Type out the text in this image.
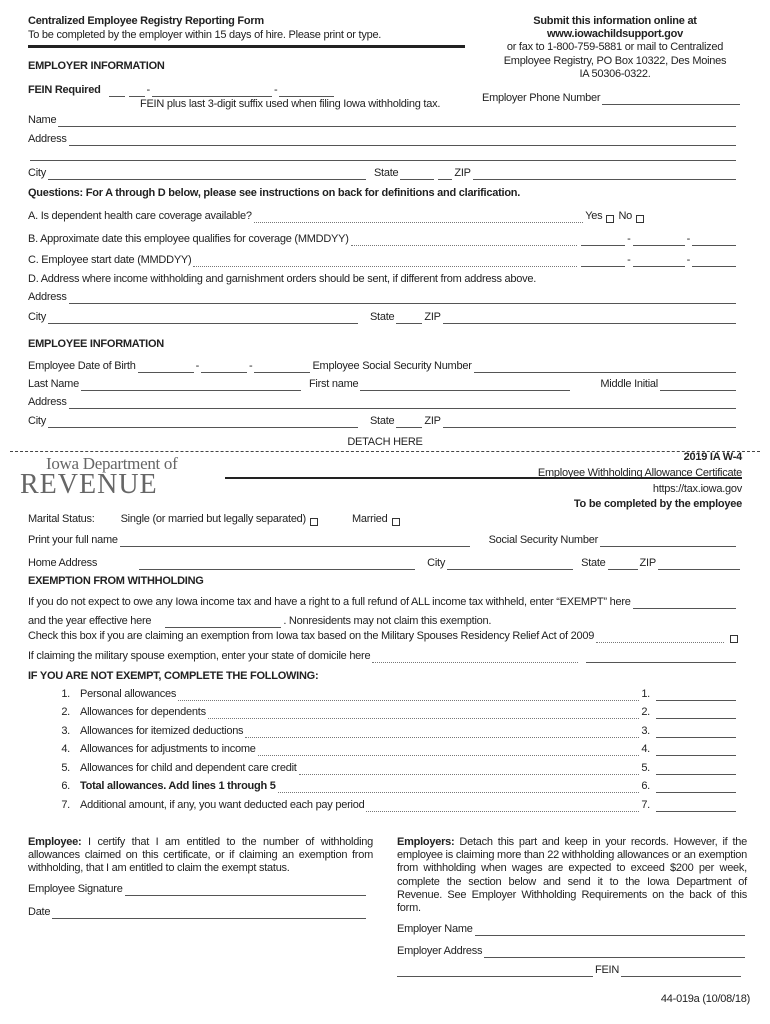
Centralized Employee Registry Reporting Form
To be completed by the employer within 15 days of hire. Please print or type.
Submit this information online at
www.iowachildsupport.gov
or fax to 1-800-759-5881 or mail to Centralized
Employee Registry, PO Box 10322, Des Moines
IA 50306-0322.
EMPLOYER INFORMATION
FEIN Required	-	-
FEIN plus last 3-digit suffix used when filing Iowa withholding tax.	Employer Phone Number
Name
Address
City	State	ZIP
Questions: For A through D below, please see instructions on back for definitions and clarification.
A. Is dependent health care coverage available?	Yes No
B. Approximate date this employee qualifies for coverage (MMDDYY)	-	-
C. Employee start date (MMDDYY)	-	-
D. Address where income withholding and garnishment orders should be sent, if different from address above.
Address
City	State	ZIP
EMPLOYEE INFORMATION
Employee Date of Birth	-	-	Employee Social Security Number
Last Name	First name	Middle Initial
Address
City	State	ZIP
DETACH HERE
Iowa Department of
REVENUE
2019 IA W-4
Employee Withholding Allowance Certificate
https://tax.iowa.gov
To be completed by the employee
Marital Status: Single (or married but legally separated)	Married
Print your full name	Social Security Number
Home Address	City	State	ZIP
EXEMPTION FROM WITHHOLDING
If you do not expect to owe any Iowa income tax and have a right to a full refund of ALL income tax withheld, enter “EXEMPT” here
and the year effective here	. Nonresidents may not claim this exemption.
Check this box if you are claiming an exemption from Iowa tax based on the Military Spouses Residency Relief Act of 2009
If claiming the military spouse exemption, enter your state of domicile here
IF YOU ARE NOT EXEMPT, COMPLETE THE FOLLOWING:
1. Personal allowances	1.
2. Allowances for dependents	2.
3. Allowances for itemized deductions	3.
4. Allowances for adjustments to income	4.
5. Allowances for child and dependent care credit	5.
6. Total allowances. Add lines 1 through 5	6.
7. Additional amount, if any, you want deducted each pay period	7.
Employee: I certify that I am entitled to the number of withholding allowances claimed on this certificate, or if claiming an exemption from withholding, that I am entitled to claim the exempt status.
Employee Signature
Date
Employers: Detach this part and keep in your records. However, if the employee is claiming more than 22 withholding allowances or an exemption from withholding when wages are expected to exceed $200 per week, complete the section below and send it to the Iowa Department of Revenue. See Employer Withholding Requirements on the back of this form.
Employer Name
Employer Address
FEIN
44-019a (10/08/18)
